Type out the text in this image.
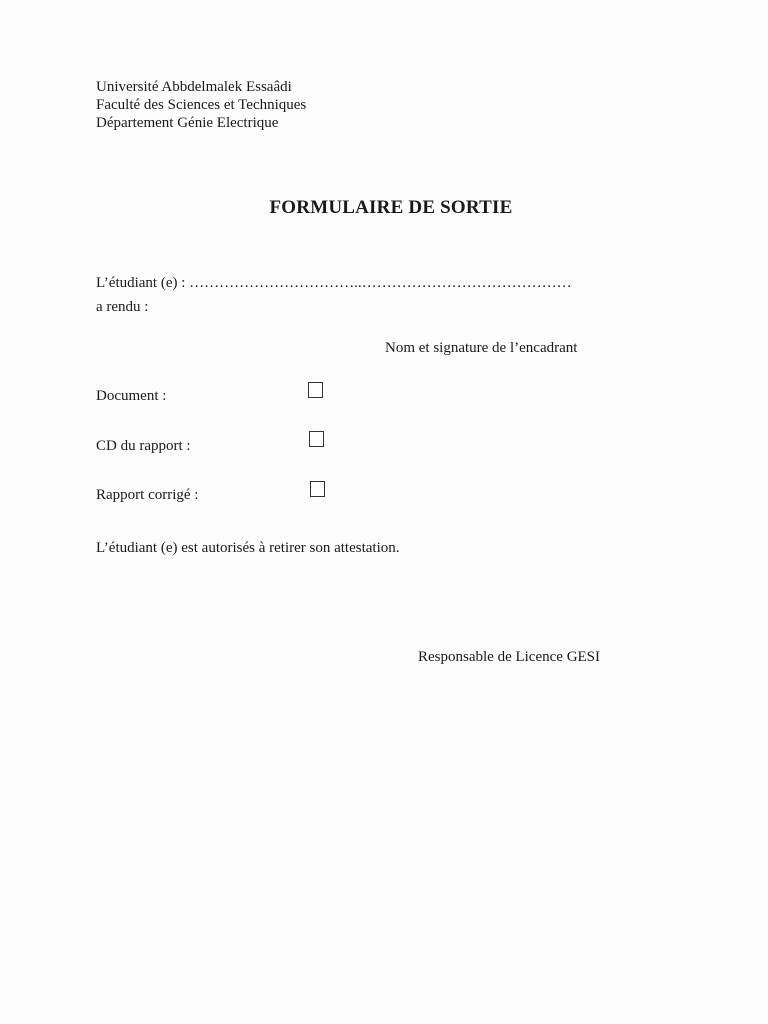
Université Abbdelmalek Essaâdi
Faculté des Sciences et Techniques
Département Génie Electrique
FORMULAIRE DE SORTIE
L’étudiant (e) : ……………………………..……………………………………
a rendu :
Nom et signature de l’encadrant
Document :
CD du rapport :
Rapport corrigé :
L’étudiant (e) est autorisés à retirer son attestation.
Responsable de Licence GESI
